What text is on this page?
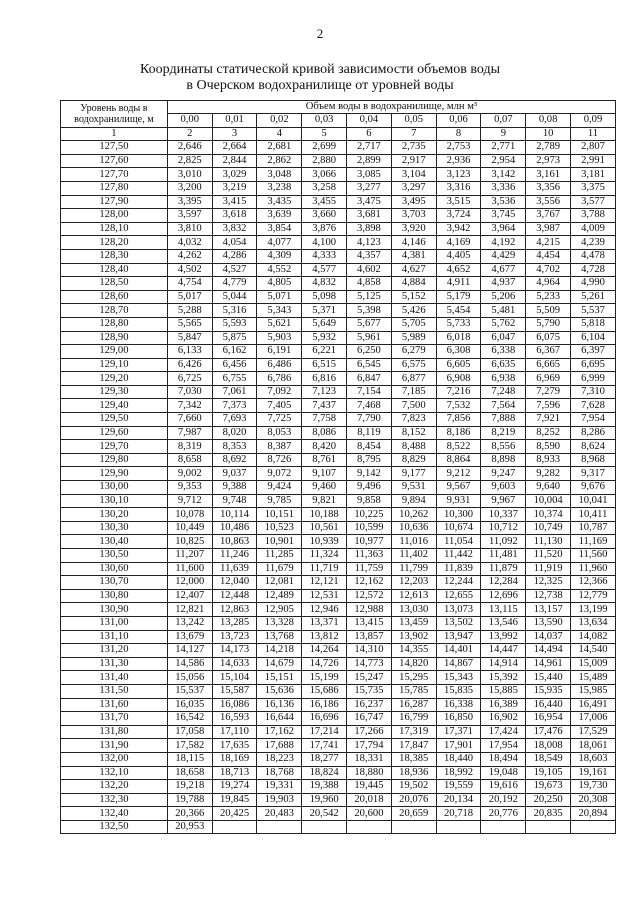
2
Координаты статической кривой зависимости объемов воды
в Очерском водохранилище от уровней воды
Уровень воды в водохранилище, м	Объем воды в водохранилище, млн м³									
	0,00	0,01	0,02	0,03	0,04	0,05	0,06	0,07	0,08	0,09
1	2	3	4	5	6	7	8	9	10	11
127,50	2,646	2,664	2,681	2,699	2,717	2,735	2,753	2,771	2,789	2,807
127,60	2,825	2,844	2,862	2,880	2,899	2,917	2,936	2,954	2,973	2,991
127,70	3,010	3,029	3,048	3,066	3,085	3,104	3,123	3,142	3,161	3,181
127,80	3,200	3,219	3,238	3,258	3,277	3,297	3,316	3,336	3,356	3,375
127,90	3,395	3,415	3,435	3,455	3,475	3,495	3,515	3,536	3,556	3,577
128,00	3,597	3,618	3,639	3,660	3,681	3,703	3,724	3,745	3,767	3,788
128,10	3,810	3,832	3,854	3,876	3,898	3,920	3,942	3,964	3,987	4,009
128,20	4,032	4,054	4,077	4,100	4,123	4,146	4,169	4,192	4,215	4,239
128,30	4,262	4,286	4,309	4,333	4,357	4,381	4,405	4,429	4,454	4,478
128,40	4,502	4,527	4,552	4,577	4,602	4,627	4,652	4,677	4,702	4,728
128,50	4,754	4,779	4,805	4,832	4,858	4,884	4,911	4,937	4,964	4,990
128,60	5,017	5,044	5,071	5,098	5,125	5,152	5,179	5,206	5,233	5,261
128,70	5,288	5,316	5,343	5,371	5,398	5,426	5,454	5,481	5,509	5,537
128,80	5,565	5,593	5,621	5,649	5,677	5,705	5,733	5,762	5,790	5,818
128,90	5,847	5,875	5,903	5,932	5,961	5,989	6,018	6,047	6,075	6,104
129,00	6,133	6,162	6,191	6,221	6,250	6,279	6,308	6,338	6,367	6,397
129,10	6,426	6,456	6,486	6,515	6,545	6,575	6,605	6,635	6,665	6,695
129,20	6,725	6,755	6,786	6,816	6,847	6,877	6,908	6,938	6,969	6,999
129,30	7,030	7,061	7,092	7,123	7,154	7,185	7,216	7,248	7,279	7,310
129,40	7,342	7,373	7,405	7,437	7,468	7,500	7,532	7,564	7,596	7,628
129,50	7,660	7,693	7,725	7,758	7,790	7,823	7,856	7,888	7,921	7,954
129,60	7,987	8,020	8,053	8,086	8,119	8,152	8,186	8,219	8,252	8,286
129,70	8,319	8,353	8,387	8,420	8,454	8,488	8,522	8,556	8,590	8,624
129,80	8,658	8,692	8,726	8,761	8,795	8,829	8,864	8,898	8,933	8,968
129,90	9,002	9,037	9,072	9,107	9,142	9,177	9,212	9,247	9,282	9,317
130,00	9,353	9,388	9,424	9,460	9,496	9,531	9,567	9,603	9,640	9,676
130,10	9,712	9,748	9,785	9,821	9,858	9,894	9,931	9,967	10,004	10,041
130,20	10,078	10,114	10,151	10,188	10,225	10,262	10,300	10,337	10,374	10,411
130,30	10,449	10,486	10,523	10,561	10,599	10,636	10,674	10,712	10,749	10,787
130,40	10,825	10,863	10,901	10,939	10,977	11,016	11,054	11,092	11,130	11,169
130,50	11,207	11,246	11,285	11,324	11,363	11,402	11,442	11,481	11,520	11,560
130,60	11,600	11,639	11,679	11,719	11,759	11,799	11,839	11,879	11,919	11,960
130,70	12,000	12,040	12,081	12,121	12,162	12,203	12,244	12,284	12,325	12,366
130,80	12,407	12,448	12,489	12,531	12,572	12,613	12,655	12,696	12,738	12,779
130,90	12,821	12,863	12,905	12,946	12,988	13,030	13,073	13,115	13,157	13,199
131,00	13,242	13,285	13,328	13,371	13,415	13,459	13,502	13,546	13,590	13,634
131,10	13,679	13,723	13,768	13,812	13,857	13,902	13,947	13,992	14,037	14,082
131,20	14,127	14,173	14,218	14,264	14,310	14,355	14,401	14,447	14,494	14,540
131,30	14,586	14,633	14,679	14,726	14,773	14,820	14,867	14,914	14,961	15,009
131,40	15,056	15,104	15,151	15,199	15,247	15,295	15,343	15,392	15,440	15,489
131,50	15,537	15,587	15,636	15,686	15,735	15,785	15,835	15,885	15,935	15,985
131,60	16,035	16,086	16,136	16,186	16,237	16,287	16,338	16,389	16,440	16,491
131,70	16,542	16,593	16,644	16,696	16,747	16,799	16,850	16,902	16,954	17,006
131,80	17,058	17,110	17,162	17,214	17,266	17,319	17,371	17,424	17,476	17,529
131,90	17,582	17,635	17,688	17,741	17,794	17,847	17,901	17,954	18,008	18,061
132,00	18,115	18,169	18,223	18,277	18,331	18,385	18,440	18,494	18,549	18,603
132,10	18,658	18,713	18,768	18,824	18,880	18,936	18,992	19,048	19,105	19,161
132,20	19,218	19,274	19,331	19,388	19,445	19,502	19,559	19,616	19,673	19,730
132,30	19,788	19,845	19,903	19,960	20,018	20,076	20,134	20,192	20,250	20,308
132,40	20,366	20,425	20,483	20,542	20,600	20,659	20,718	20,776	20,835	20,894
132,50	20,953									
